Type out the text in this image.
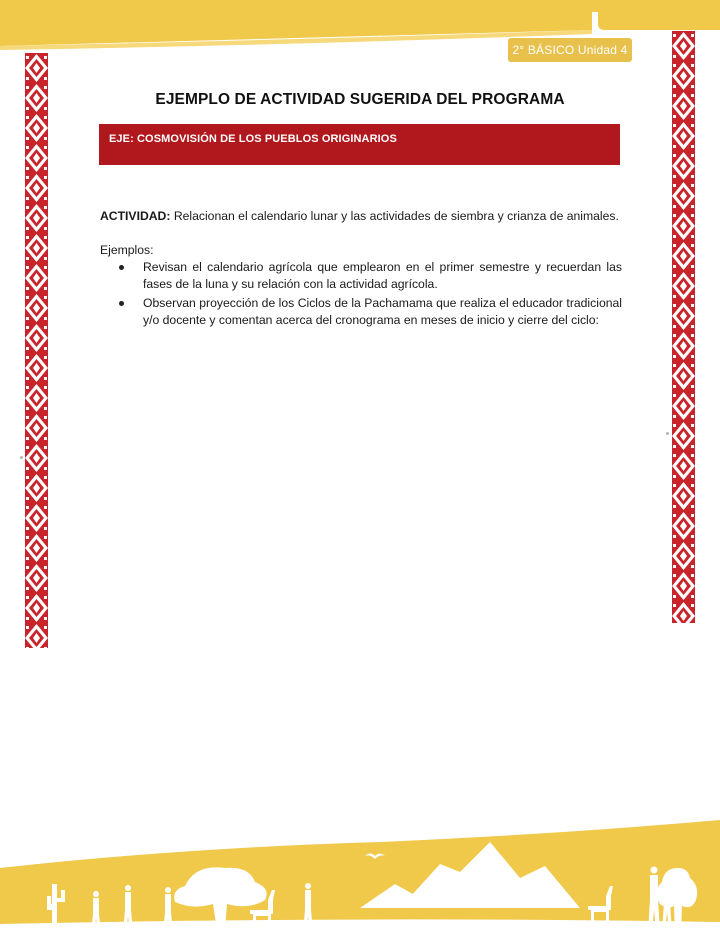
2° BÁSICO Unidad 4
EJEMPLO DE ACTIVIDAD SUGERIDA DEL PROGRAMA
EJE: COSMOVISIÓN DE LOS PUEBLOS ORIGINARIOS

ACTIVIDAD: Relacionan el calendario lunar y las actividades de siembra y crianza de animales.

Ejemplos:

Revisan el calendario agrícola que emplearon en el primer semestre y recuerdan las fases de la luna y su relación con la actividad agrícola.
Observan proyección de los Ciclos de la Pachamama que realiza el educador tradicional y/o docente y comentan acerca del cronograma en meses de inicio y cierre del ciclo:
